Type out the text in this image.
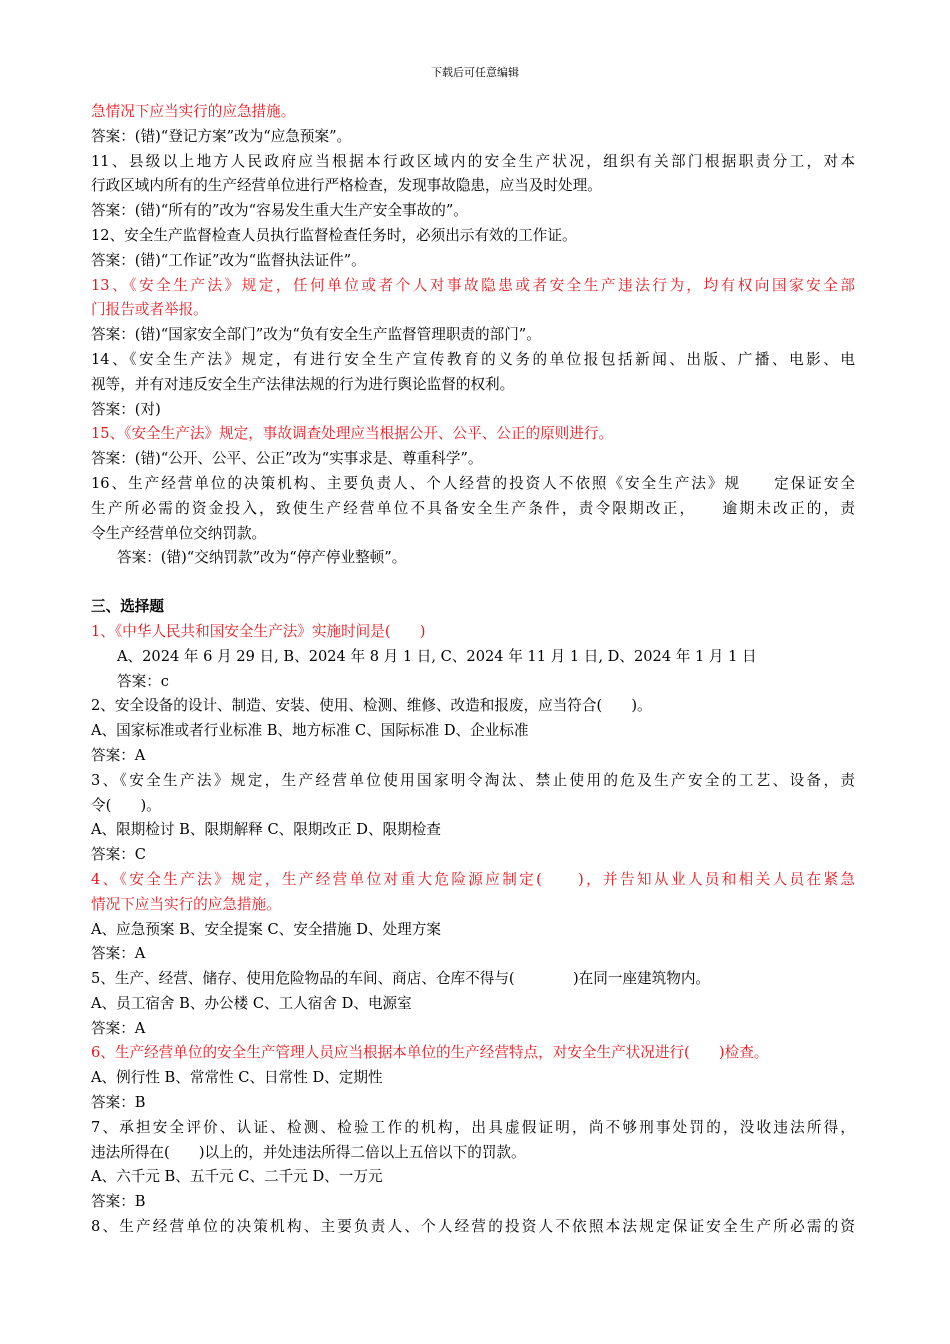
下载后可任意编辑
急情况下应当实行的应急措施。
答案：(错)“登记方案”改为“应急预案”。
11、县级以上地方人民政府应当根据本行政区域内的安全生产状况，组织有关部门根据职责分工，对本
行政区域内所有的生产经营单位进行严格检查，发现事故隐患，应当及时处理。
答案：(错)“所有的”改为“容易发生重大生产安全事故的”。
12、安全生产监督检查人员执行监督检查任务时，必须出示有效的工作证。
答案：(错)“工作证”改为“监督执法证件”。
13、《安全生产法》规定，任何单位或者个人对事故隐患或者安全生产违法行为，均有权向国家安全部
门报告或者举报。
答案：(错)“国家安全部门”改为“负有安全生产监督管理职责的部门”。
14、《安全生产法》规定，有进行安全生产宣传教育的义务的单位报包括新闻、出版、广播、电影、电
视等，并有对违反安全生产法律法规的行为进行舆论监督的权利。
答案：(对)
15、《安全生产法》规定，事故调查处理应当根据公开、公平、公正的原则进行。
答案：(错)“公开、公平、公正”改为“实事求是、尊重科学”。
16、生产经营单位的决策机构、主要负责人、个人经营的投资人不依照《安全生产法》规　　定保证安全
生产所必需的资金投入，致使生产经营单位不具备安全生产条件，责令限期改正，　　逾期未改正的，责
令生产经营单位交纳罚款。
答案：(错)“交纳罚款”改为“停产停业整顿”。
三、选择题
1、《中华人民共和国安全生产法》实施时间是(　　)
A、2024 年 6 月 29 日, B、2024 年 8 月 1 日, C、2024 年 11 月 1 日, D、2024 年 1 月 1 日
答案：c
2、安全设备的设计、制造、安装、使用、检测、维修、改造和报废，应当符合(　　)。
A、国家标准或者行业标准 B、地方标准 C、国际标准 D、企业标准
答案：A
3、《安全生产法》规定，生产经营单位使用国家明令淘汰、禁止使用的危及生产安全的工艺、设备，责
令(　　)。
A、限期检讨 B、限期解释 C、限期改正 D、限期检查
答案：C
4、《安全生产法》规定，生产经营单位对重大危险源应制定(　　)，并告知从业人员和相关人员在紧急
情况下应当实行的应急措施。
A、应急预案 B、安全提案 C、安全措施 D、处理方案
答案：A
5、生产、经营、储存、使用危险物品的车间、商店、仓库不得与(　　　　)在同一座建筑物内。
A、员工宿舍 B、办公楼 C、工人宿舍 D、电源室
答案：A
6、生产经营单位的安全生产管理人员应当根据本单位的生产经营特点，对安全生产状况进行(　　)检查。
A、例行性 B、常常性 C、日常性 D、定期性
答案：B
7、承担安全评价、认证、检测、检验工作的机构，出具虚假证明，尚不够刑事处罚的，没收违法所得，
违法所得在(　　)以上的，并处违法所得二倍以上五倍以下的罚款。
A、六千元 B、五千元 C、二千元 D、一万元
答案：B
8、生产经营单位的决策机构、主要负责人、个人经营的投资人不依照本法规定保证安全生产所必需的资
